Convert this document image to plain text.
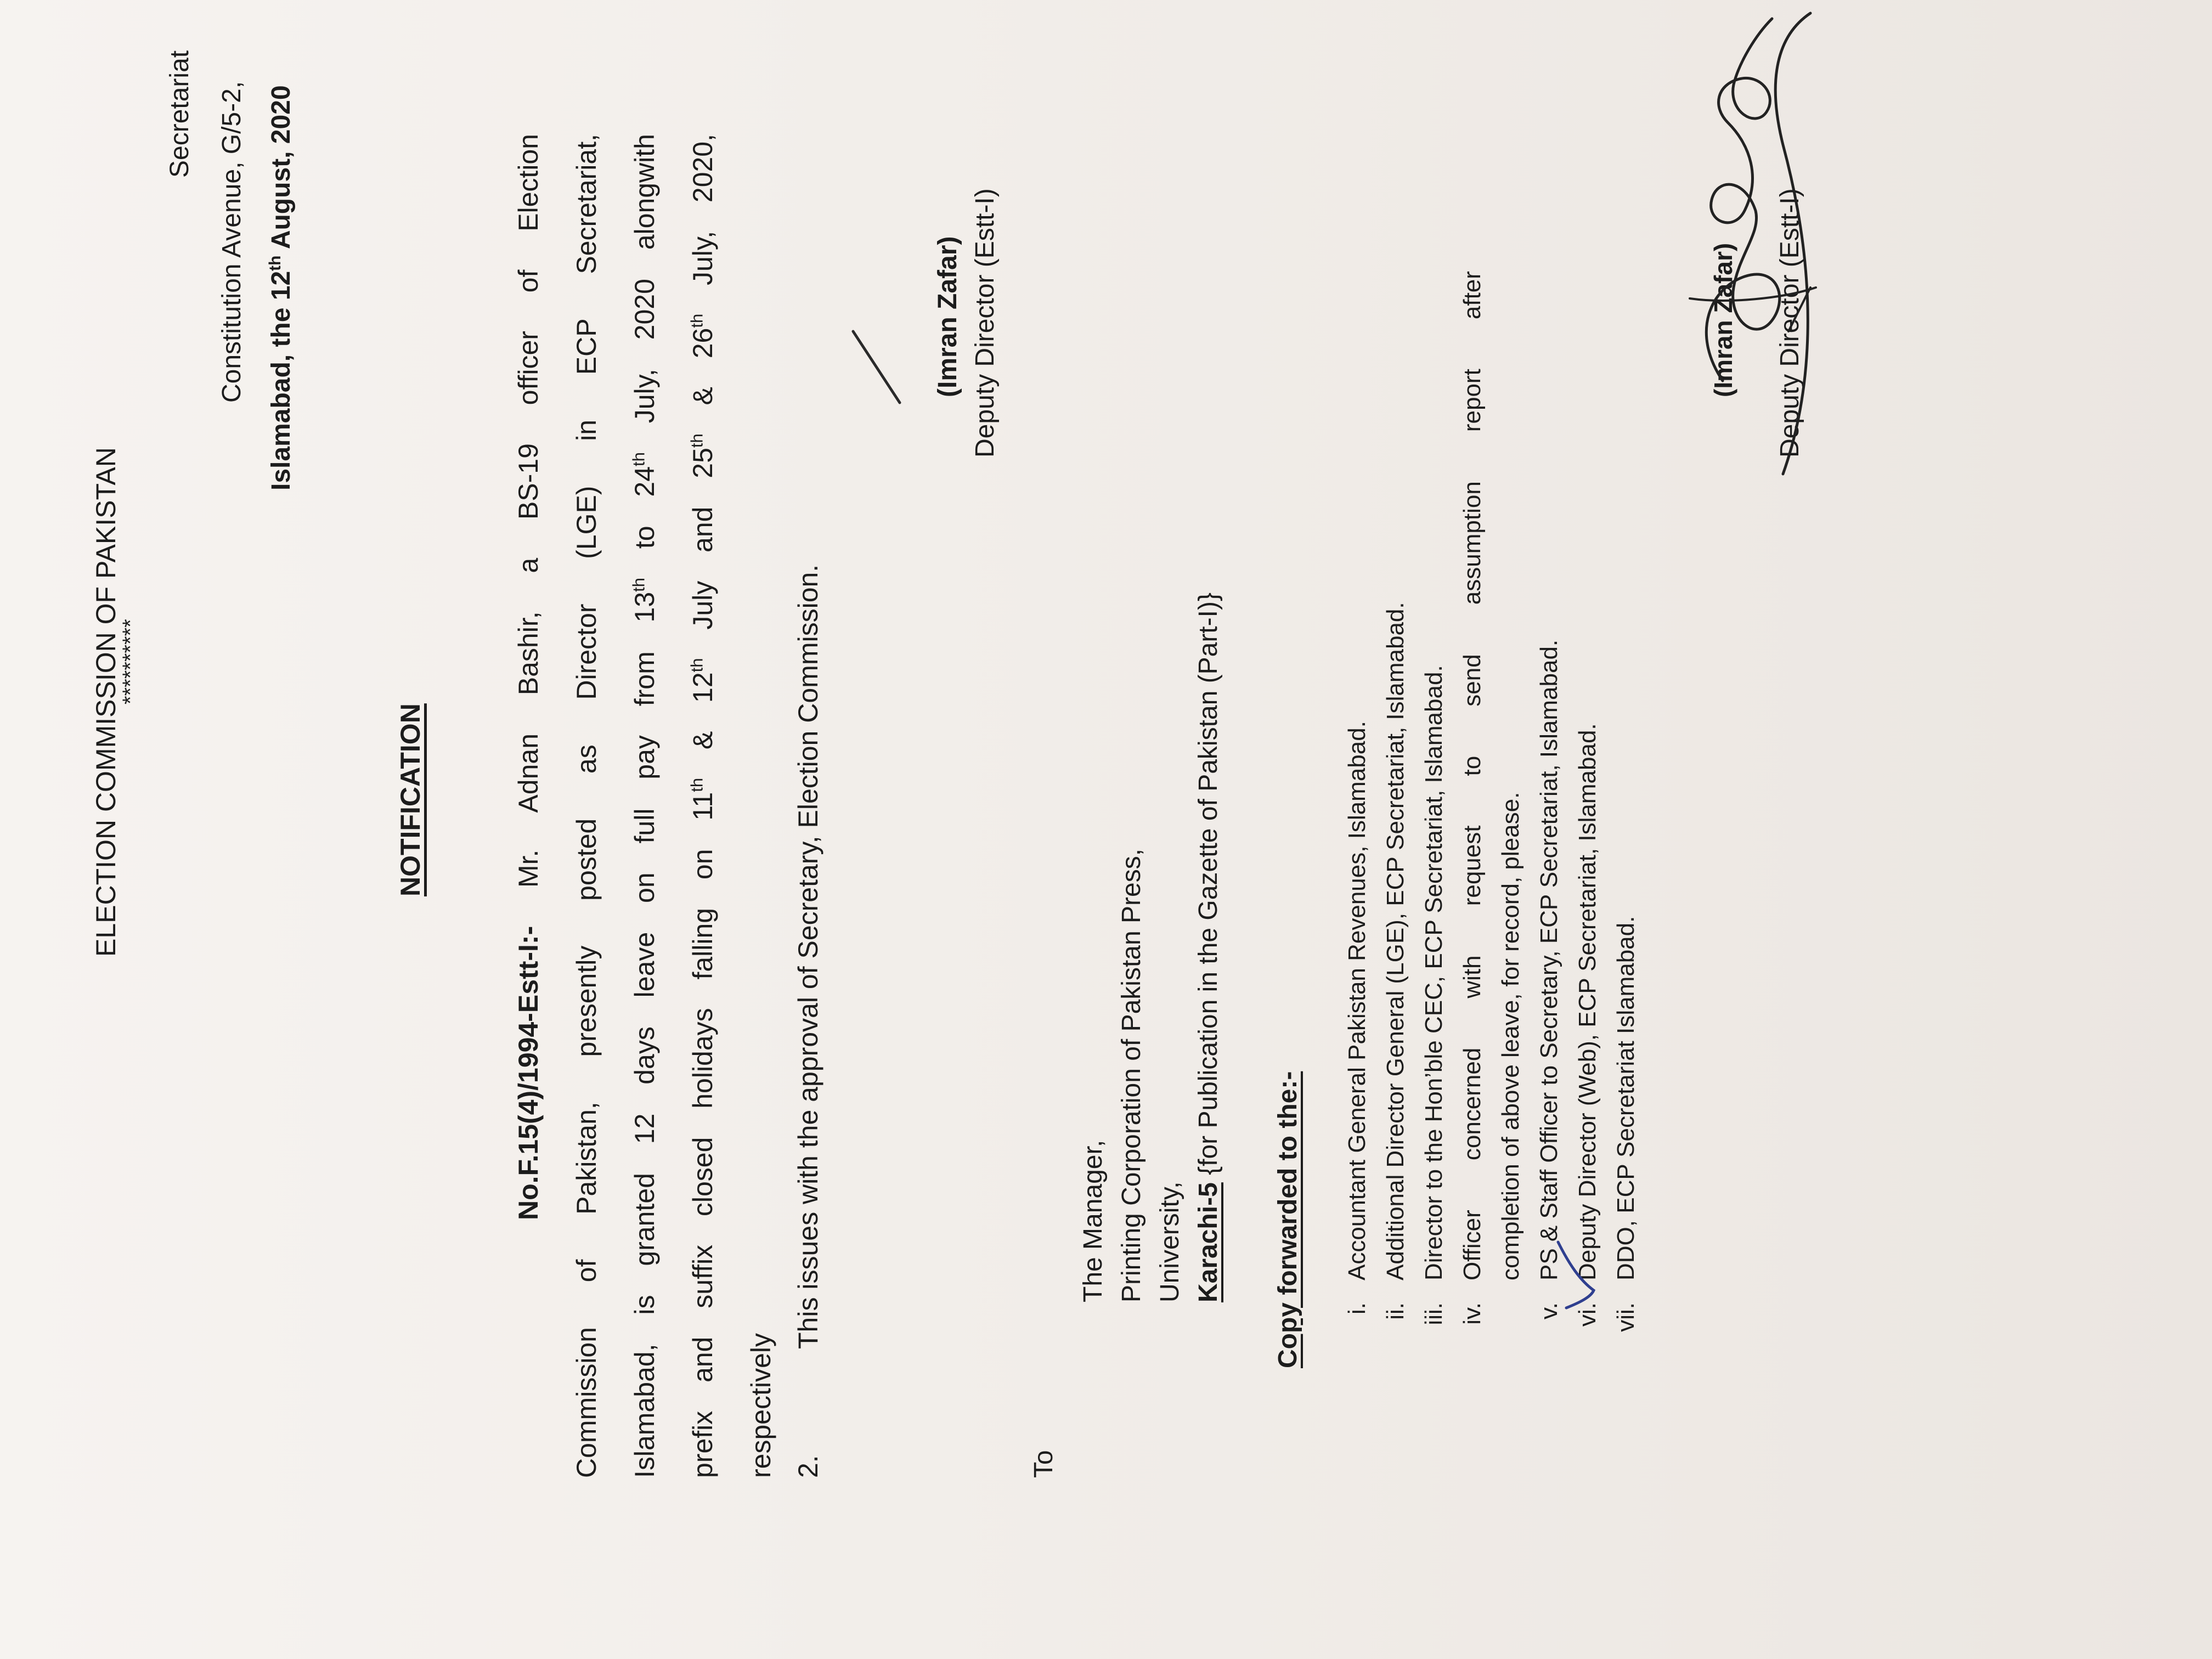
ELECTION COMMISSION OF PAKISTAN
**********
Secretariat Constitution Avenue, G/5-2, Islamabad, the 12th August, 2020
NOTIFICATION
No.F.15(4)/1994-Estt-I:- Mr. Adnan Bashir, a BS-19 officer of Election	Commission of Pakistan, presently posted as Director (LGE) in ECP Secretariat,	Islamabad, is granted 12 days leave on full pay from 13th to 24th July, 2020 alongwith
prefix and suffix closed holidays falling on 11th & 12th July and 25th & 26th July, 2020,
respectively 2.
This issues with the approval of Secretary, Election Commission.
(Imran Zafar) Deputy Director (Estt-I)
To
The Manager, Printing Corporation of Pakistan Press, University, Karachi-5 {for Publication in the Gazette of Pakistan (Part-I)}
Copy forwarded to the:- i.
Accountant General Pakistan Revenues, Islamabad.
ii.
Additional Director General (LGE), ECP Secretariat, Islamabad.
iii.
Director to the Hon’ble CEC, ECP Secretariat, Islamabad.
iv.
Officer
concerned
with
request
to
send
assumption
report
after
completion of above leave, for record, please.
v.
PS & Staff Officer to Secretary, ECP Secretariat, Islamabad.
vi.
Deputy Director (Web), ECP Secretariat, Islamabad.
vii.
DDO, ECP Secretariat Islamabad.
(Imran Zafar) Deputy Director (Estt-I)
